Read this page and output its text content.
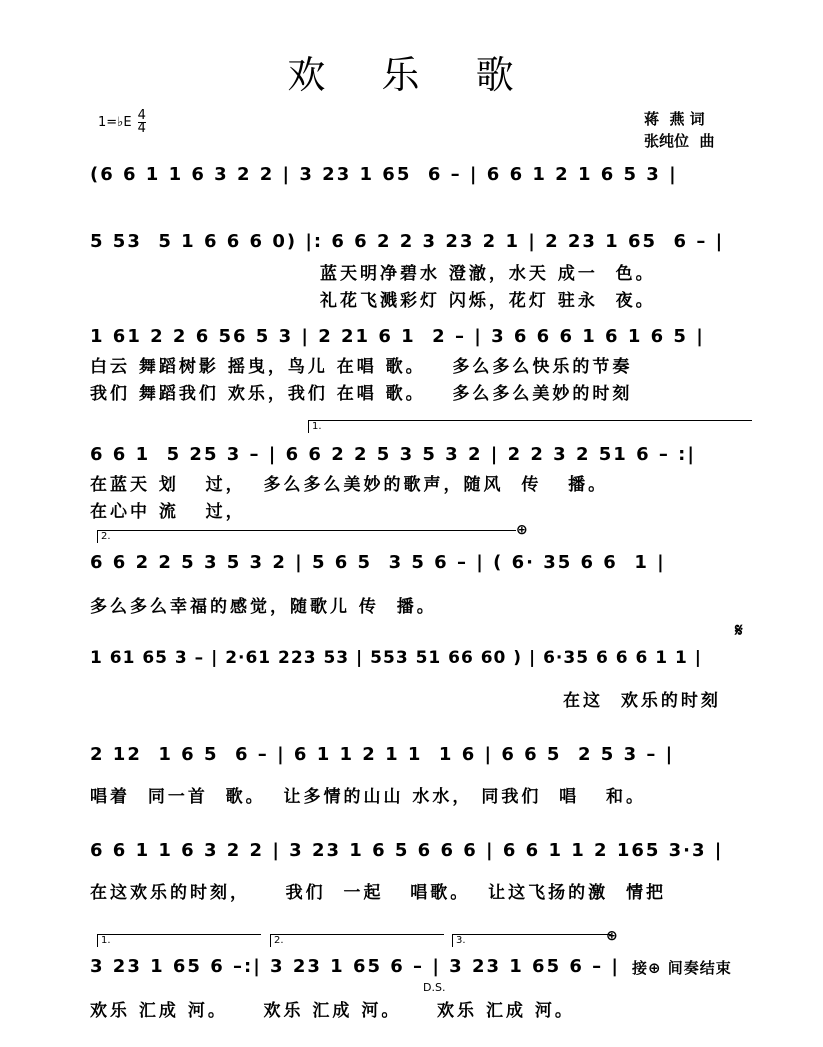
欢 乐 歌
1=♭E $\frac{4}{4}$	蒋  燕 词
张纯位  曲
(6 6 1 1 6 3 2 2 | 3 23 1 65  6 – | 6 6 1 2 1 6 5 3 |
5 53  5 1 6 6 6 0) |: 6 6 2 2 3 23 2 1 | 2 23 1 65  6 – |
蓝天明净碧水 澄澈，水天 成一  色。
礼花飞溅彩灯 闪烁，花灯 驻永  夜。
1 61 2 2 6 56 5 3 | 2 21 6 1  2 – | 3 6 6 6 1 6 1 6 5 |
白云 舞蹈树影 摇曳，鸟儿 在唱 歌。   多么多么快乐的节奏
我们 舞蹈我们 欢乐，我们 在唱 歌。   多么多么美妙的时刻
1.
6 6 1  5 25 3 – | 6 6 2 2 5 3 5 3 2 | 2 2 3 2 51 6 – :|
在蓝天 划   过，  多么多么美妙的歌声，随风  传   播。
在心中 流   过，
2.	⊕
6 6 2 2 5 3 5 3 2 | 5 6 5  3 5 6 – | ( 6· 35 6 6  1 |
多么多么幸福的感觉，随歌儿 传  播。
𝄋
1 61 65 3 – | 2·61 223 53 | 553 51 66 60 ) | 6·35 6 6 6 1 1 |
在这  欢乐的时刻
2 12  1 6 5  6 – | 6 1 1 2 1 1  1 6 | 6 6 5  2 5 3 – |
唱着  同一首  歌。  让多情的山山 水水， 同我们  唱   和。
6 6 1 1 6 3 2 2 | 3 23 1 6 5 6 6 6 | 6 6 1 1 2 165 3·3 |
在这欢乐的时刻，    我们  一起   唱歌。  让这飞扬的激  情把
1.	2.	3.	⊕
3 23 1 65 6 –:| 3 23 1 65 6 – | 3 23 1 65 6 – |
D.S.
接⊕ 间奏结束
欢乐 汇成 河。    欢乐 汇成 河。    欢乐 汇成 河。
